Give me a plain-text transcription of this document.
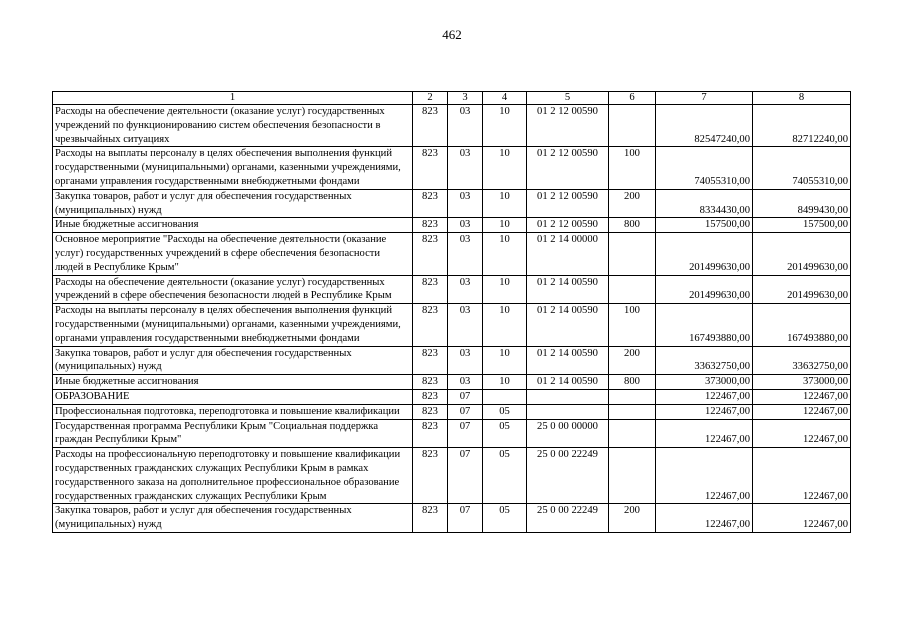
462
1	2	3	4	5	6	7	8
Расходы на обеспечение деятельности (оказание услуг) государственных учреждений по функционированию систем обеспечения безопасности в чрезвычайных ситуациях	823	03	10	01 2 12 00590		82547240,00	82712240,00
Расходы на выплаты персоналу в целях обеспечения выполнения функций государственными (муниципальными) органами, казенными учреждениями, органами управления государственными внебюджетными фондами	823	03	10	01 2 12 00590	100	74055310,00	74055310,00
Закупка товаров, работ и услуг для обеспечения государственных (муниципальных) нужд	823	03	10	01 2 12 00590	200	8334430,00	8499430,00
Иные бюджетные ассигнования	823	03	10	01 2 12 00590	800	157500,00	157500,00
Основное мероприятие "Расходы на обеспечение деятельности (оказание услуг) государственных учреждений в сфере обеспечения безопасности людей в Республике Крым"	823	03	10	01 2 14 00000		201499630,00	201499630,00
Расходы на обеспечение деятельности (оказание услуг) государственных учреждений в сфере обеспечения безопасности людей в Республике Крым	823	03	10	01 2 14 00590		201499630,00	201499630,00
Расходы на выплаты персоналу в целях обеспечения выполнения функций государственными (муниципальными) органами, казенными учреждениями, органами управления государственными внебюджетными фондами	823	03	10	01 2 14 00590	100	167493880,00	167493880,00
Закупка товаров, работ и услуг для обеспечения государственных (муниципальных) нужд	823	03	10	01 2 14 00590	200	33632750,00	33632750,00
Иные бюджетные ассигнования	823	03	10	01 2 14 00590	800	373000,00	373000,00
ОБРАЗОВАНИЕ	823	07				122467,00	122467,00
Профессиональная подготовка, переподготовка и повышение квалификации	823	07	05			122467,00	122467,00
Государственная программа Республики Крым "Социальная поддержка граждан Республики Крым"	823	07	05	25 0 00 00000		122467,00	122467,00
Расходы на профессиональную переподготовку и повышение квалификации государственных гражданских служащих Республики Крым в рамках государственного заказа на дополнительное профессиональное образование государственных гражданских служащих Республики Крым	823	07	05	25 0 00 22249		122467,00	122467,00
Закупка товаров, работ и услуг для обеспечения государственных (муниципальных) нужд	823	07	05	25 0 00 22249	200	122467,00	122467,00
